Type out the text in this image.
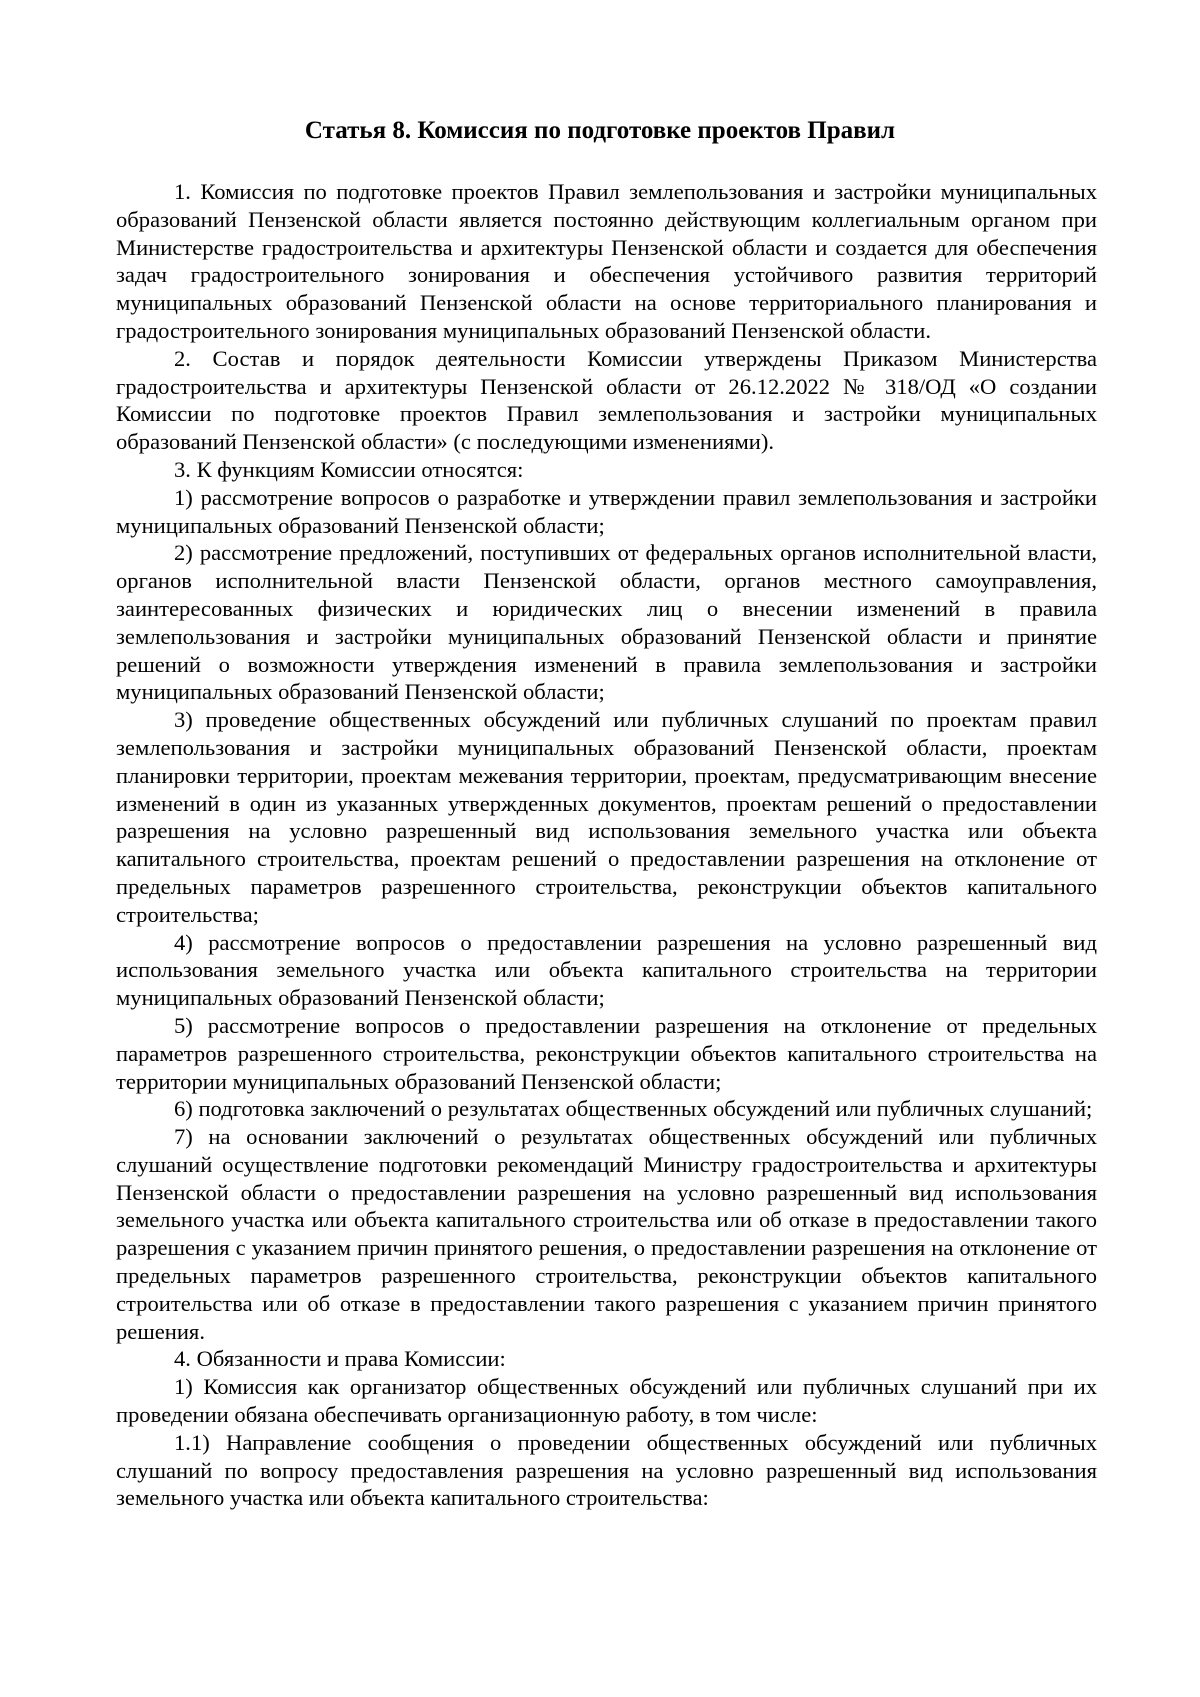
Статья 8. Комиссия по подготовке проектов Правил

1. Комиссия по подготовке проектов Правил землепользования и застройки муниципальных образований Пензенской области является постоянно действующим коллегиальным органом при Министерстве градостроительства и архитектуры Пензенской области и создается для обеспечения задач градостроительного зонирования и обеспечения устойчивого развития территорий муниципальных образований Пензенской области на основе территориального планирования и градостроительного зонирования муниципальных образований Пензенской области.

2. Состав и порядок деятельности Комиссии утверждены Приказом Министерства градостроительства и архитектуры Пензенской области от 26.12.2022 № 318/ОД «О создании Комиссии по подготовке проектов Правил землепользования и застройки муниципальных образований Пензенской области» (с последующими изменениями).

3. К функциям Комиссии относятся:

1) рассмотрение вопросов о разработке и утверждении правил землепользования и застройки муниципальных образований Пензенской области;

2) рассмотрение предложений, поступивших от федеральных органов исполнительной власти, органов исполнительной власти Пензенской области, органов местного самоуправления, заинтересованных физических и юридических лиц о внесении изменений в правила землепользования и застройки муниципальных образований Пензенской области и принятие решений о возможности утверждения изменений в правила землепользования и застройки муниципальных образований Пензенской области;

3) проведение общественных обсуждений или публичных слушаний по проектам правил землепользования и застройки муниципальных образований Пензенской области, проектам планировки территории, проектам межевания территории, проектам, предусматривающим внесение изменений в один из указанных утвержденных документов, проектам решений о предоставлении разрешения на условно разрешенный вид использования земельного участка или объекта капитального строительства, проектам решений о предоставлении разрешения на отклонение от предельных параметров разрешенного строительства, реконструкции объектов капитального строительства;

4) рассмотрение вопросов о предоставлении разрешения на условно разрешенный вид использования земельного участка или объекта капитального строительства на территории муниципальных образований Пензенской области;

5) рассмотрение вопросов о предоставлении разрешения на отклонение от предельных параметров разрешенного строительства, реконструкции объектов капитального строительства на территории муниципальных образований Пензенской области;

6) подготовка заключений о результатах общественных обсуждений или публичных слушаний;

7) на основании заключений о результатах общественных обсуждений или публичных слушаний осуществление подготовки рекомендаций Министру градостроительства и архитектуры Пензенской области о предоставлении разрешения на условно разрешенный вид использования земельного участка или объекта капитального строительства или об отказе в предоставлении такого разрешения с указанием причин принятого решения, о предоставлении разрешения на отклонение от предельных параметров разрешенного строительства, реконструкции объектов капитального строительства или об отказе в предоставлении такого разрешения с указанием причин принятого решения.

4. Обязанности и права Комиссии:

1) Комиссия как организатор общественных обсуждений или публичных слушаний при их проведении обязана обеспечивать организационную работу, в том числе:

1.1) Направление сообщения о проведении общественных обсуждений или публичных слушаний по вопросу предоставления разрешения на условно разрешенный вид использования земельного участка или объекта капитального строительства:
